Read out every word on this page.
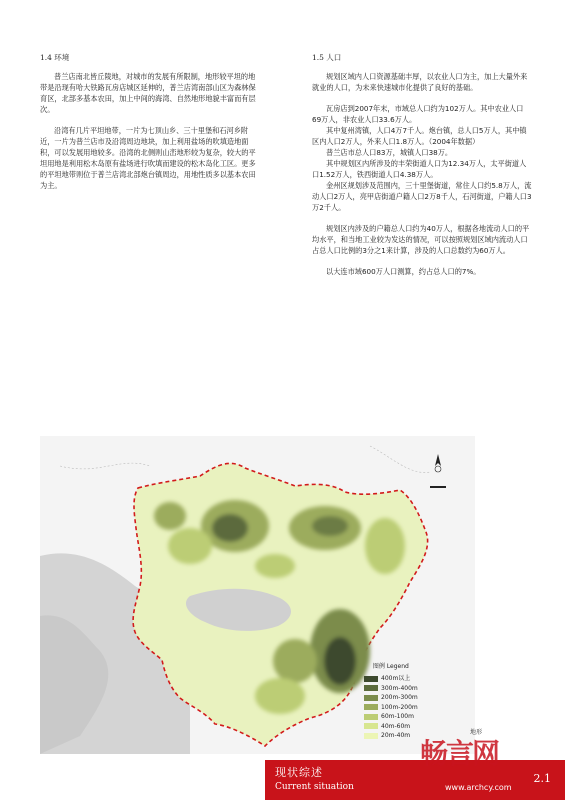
1.4 环境

普兰店南北皆丘陵地，对城市的发展有所限制，地形较平坦的地带是沿现有哈大铁路瓦房店城区延伸的，普兰店湾南部山区为森林保育区，北部多基本农田，加上中间的海湾、自然地形地貌丰富而有层次。

沿湾有几片平坦地带，一片为七顶山乡、三十里堡和石河乡附近，一片为普兰店市及沿湾周边地块，加上利用盐场的吹填造地面积，可以发展用地较多。沿湾的北侧则山峦地形较为复杂，较大的平坦用地是利用松木岛原有盐场进行吹填而建设的松木岛化工区。更多的平坦地带则位于普兰店湾北部炮台镇周边，用地性质多以基本农田为主。

1.5 人口

规划区域内人口资源基础丰厚，以农业人口为主，加上大量外来就业的人口，为未来快速城市化提供了良好的基础。

瓦房店到2007年末，市域总人口约为102万人。其中农业人口69万人，非农业人口33.6万人。

其中复州湾镇，人口4万7千人。炮台镇，总人口5万人，其中镇区内人口2万人，外来人口1.8万人。（2004年数据）

普兰店市总人口83万，城镇人口38万。

其中规划区内所涉及的丰荣街道人口为12.34万人，太平街道人口1.52万人，铁西街道人口4.38万人。

金州区规划涉及范围内，三十里堡街道，常住人口约5.8万人，流动人口2万人，亮甲店街道户籍人口2万8千人，石河街道，户籍人口3万2千人。

规划区内涉及的户籍总人口约为40万人，根据各地流动人口的平均水平，和当地工业较为发达的情况，可以按照规划区域内流动人口占总人口比例的3分之1来计算，涉及的人口总数约为60万人。

以大连市域600万人口测算，约占总人口的7%。

图例 Legend
400m以上
300m-400m
200m-300m
100m-200m
60m-100m
40m-60m
20m-40m	地形
现状综述
Current situation
2.1
畅言网
www.archcy.com
